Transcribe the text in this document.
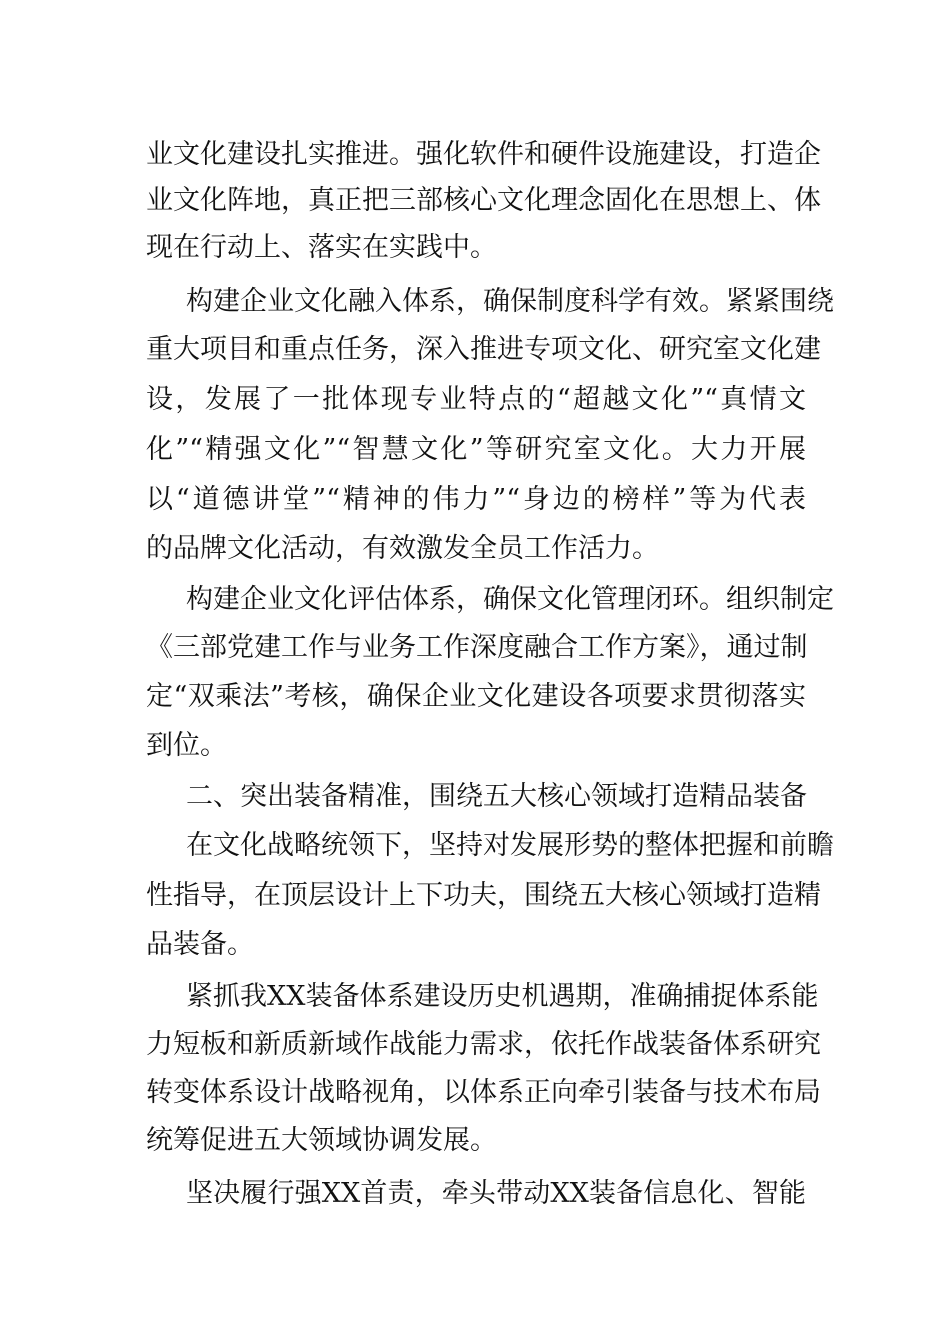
业文化建设扎实推进。强化软件和硬件设施建设，打造企
业文化阵地，真正把三部核心文化理念固化在思想上、体
现在行动上、落实在实践中。
构建企业文化融入体系，确保制度科学有效。紧紧围绕
重大项目和重点任务，深入推进专项文化、研究室文化建
设，发展了一批体现专业特点的“超越文化”“真情文
化”“精强文化”“智慧文化”等研究室文化。大力开展
以“道德讲堂”“精神的伟力”“身边的榜样”等为代表
的品牌文化活动，有效激发全员工作活力。
构建企业文化评估体系，确保文化管理闭环。组织制定
《三部党建工作与业务工作深度融合工作方案》，通过制
定“双乘法”考核，确保企业文化建设各项要求贯彻落实
到位。
二、突出装备精准，围绕五大核心领域打造精品装备
在文化战略统领下，坚持对发展形势的整体把握和前瞻
性指导，在顶层设计上下功夫，围绕五大核心领域打造精
品装备。
紧抓我XX装备体系建设历史机遇期，准确捕捉体系能
力短板和新质新域作战能力需求，依托作战装备体系研究
转变体系设计战略视角，以体系正向牵引装备与技术布局
统筹促进五大领域协调发展。
坚决履行强XX首责，牵头带动XX装备信息化、智能
